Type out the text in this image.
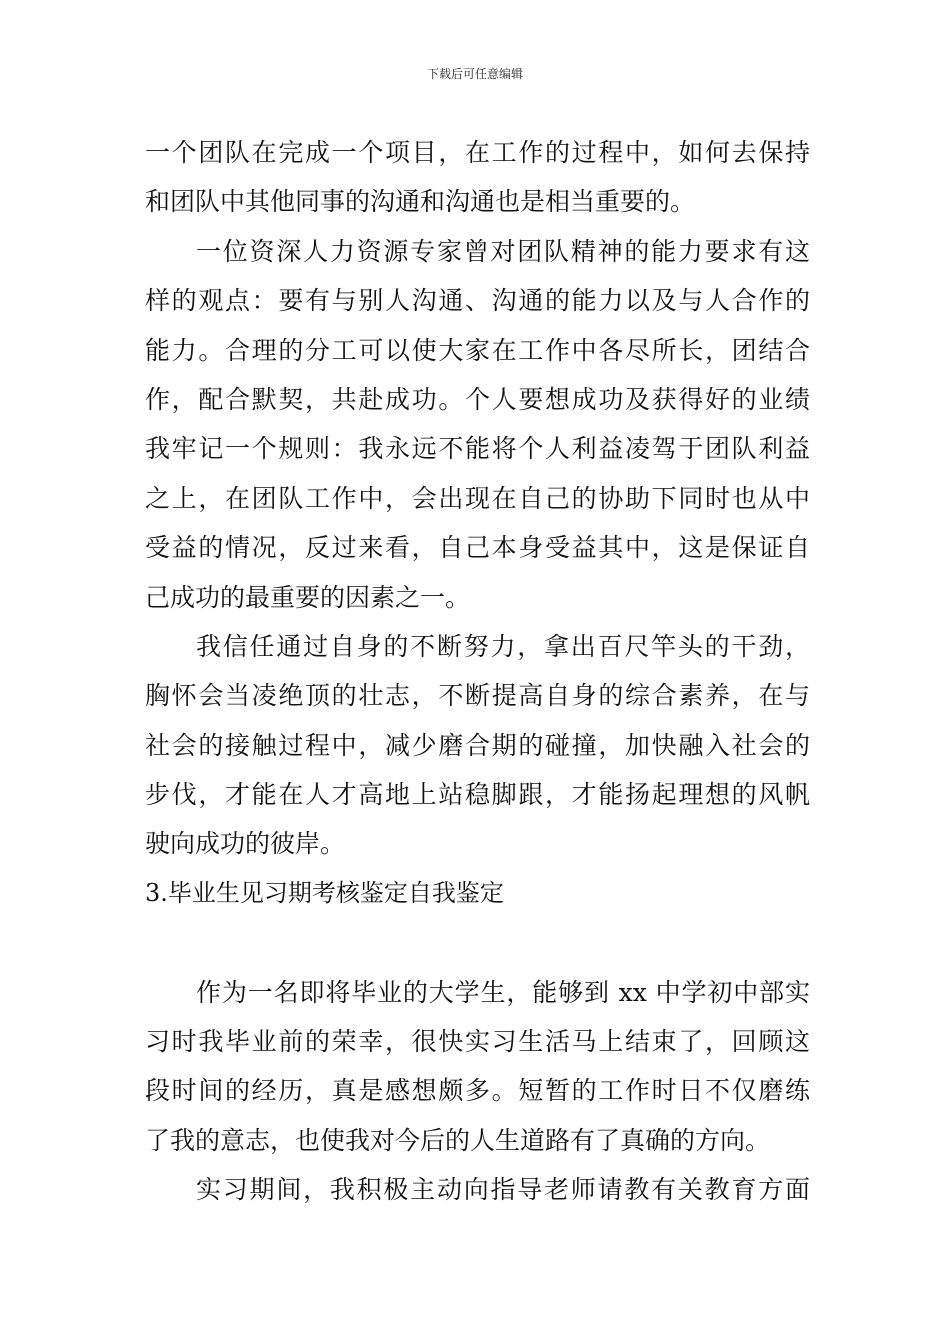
下载后可任意编辑
一个团队在完成一个项目，在工作的过程中，如何去保持
和团队中其他同事的沟通和沟通也是相当重要的。
一位资深人力资源专家曾对团队精神的能力要求有这
样的观点：要有与别人沟通、沟通的能力以及与人合作的
能力。合理的分工可以使大家在工作中各尽所长，团结合
作，配合默契，共赴成功。个人要想成功及获得好的业绩
我牢记一个规则：我永远不能将个人利益凌驾于团队利益
之上，在团队工作中，会出现在自己的协助下同时也从中
受益的情况，反过来看，自己本身受益其中，这是保证自
己成功的最重要的因素之一。
我信任通过自身的不断努力，拿出百尺竿头的干劲，
胸怀会当凌绝顶的壮志，不断提高自身的综合素养，在与
社会的接触过程中，减少磨合期的碰撞，加快融入社会的
步伐，才能在人才高地上站稳脚跟，才能扬起理想的风帆
驶向成功的彼岸。
3.毕业生见习期考核鉴定自我鉴定
作为一名即将毕业的大学生，能够到 xx 中学初中部实
习时我毕业前的荣幸，很快实习生活马上结束了，回顾这
段时间的经历，真是感想颇多。短暂的工作时日不仅磨练
了我的意志，也使我对今后的人生道路有了真确的方向。
实习期间，我积极主动向指导老师请教有关教育方面
